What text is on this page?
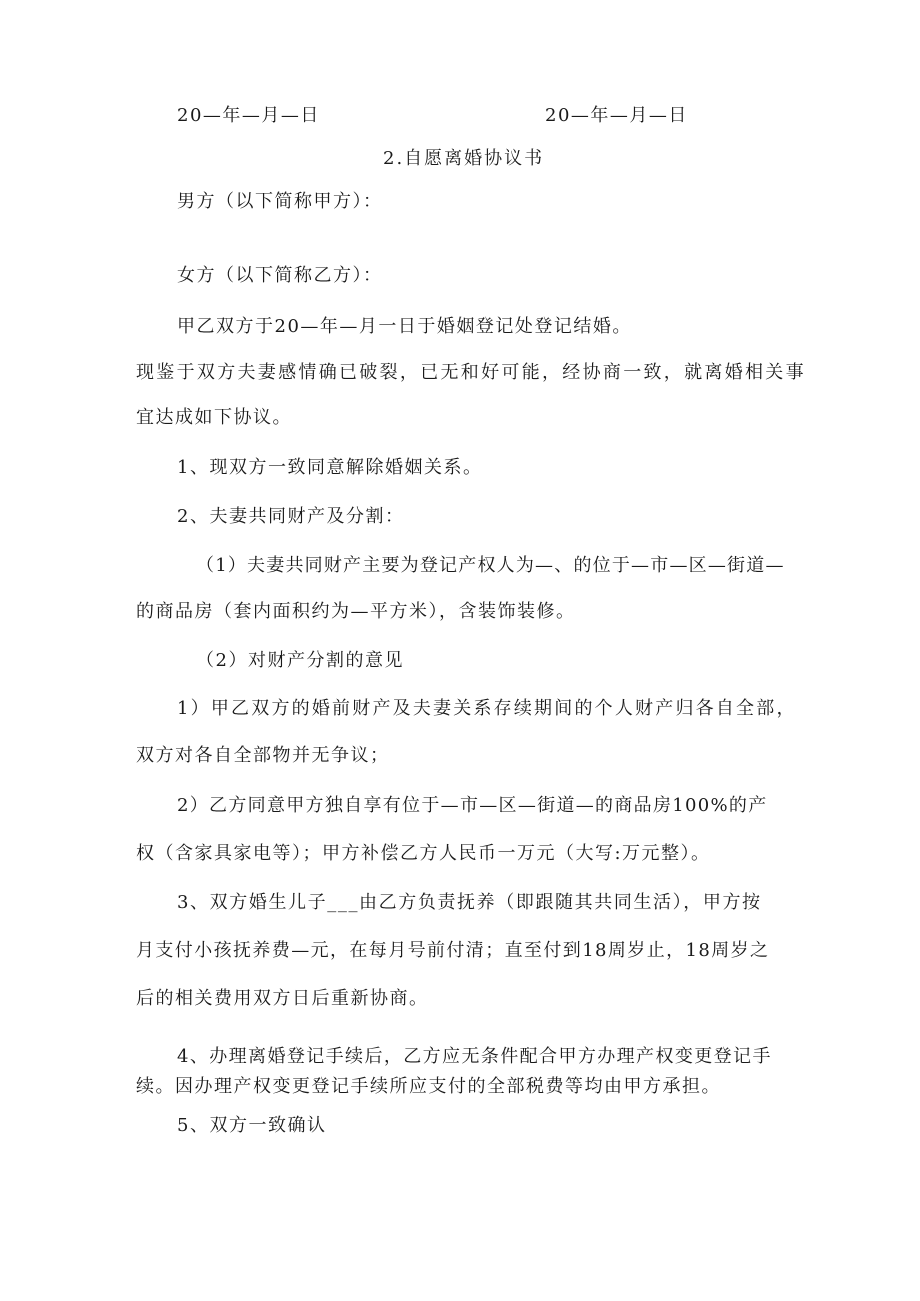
20—年—月—日	20—年—月—日
2.自愿离婚协议书
男方（以下简称甲方）：
女方（以下简称乙方）：
甲乙双方于20—年—月一日于婚姻登记处登记结婚。
现鉴于双方夫妻感情确已破裂，已无和好可能，经协商一致，就离婚相关事
宜达成如下协议。
1、现双方一致同意解除婚姻关系。
2、夫妻共同财产及分割：
（1）夫妻共同财产主要为登记产权人为—、的位于—市—区—街道—
的商品房（套内面积约为—平方米），含装饰装修。
（2）对财产分割的意见
1）甲乙双方的婚前财产及夫妻关系存续期间的个人财产归各自全部，
双方对各自全部物并无争议；
2）乙方同意甲方独自享有位于—市—区—街道—的商品房100%的产
权（含家具家电等）；甲方补偿乙方人民币一万元（大写:万元整）。
3、双方婚生儿子___由乙方负责抚养（即跟随其共同生活），甲方按
月支付小孩抚养费—元，在每月号前付清；直至付到18周岁止，18周岁之
后的相关费用双方日后重新协商。
4、办理离婚登记手续后，乙方应无条件配合甲方办理产权变更登记手
续。因办理产权变更登记手续所应支付的全部税费等均由甲方承担。
5、双方一致确认
